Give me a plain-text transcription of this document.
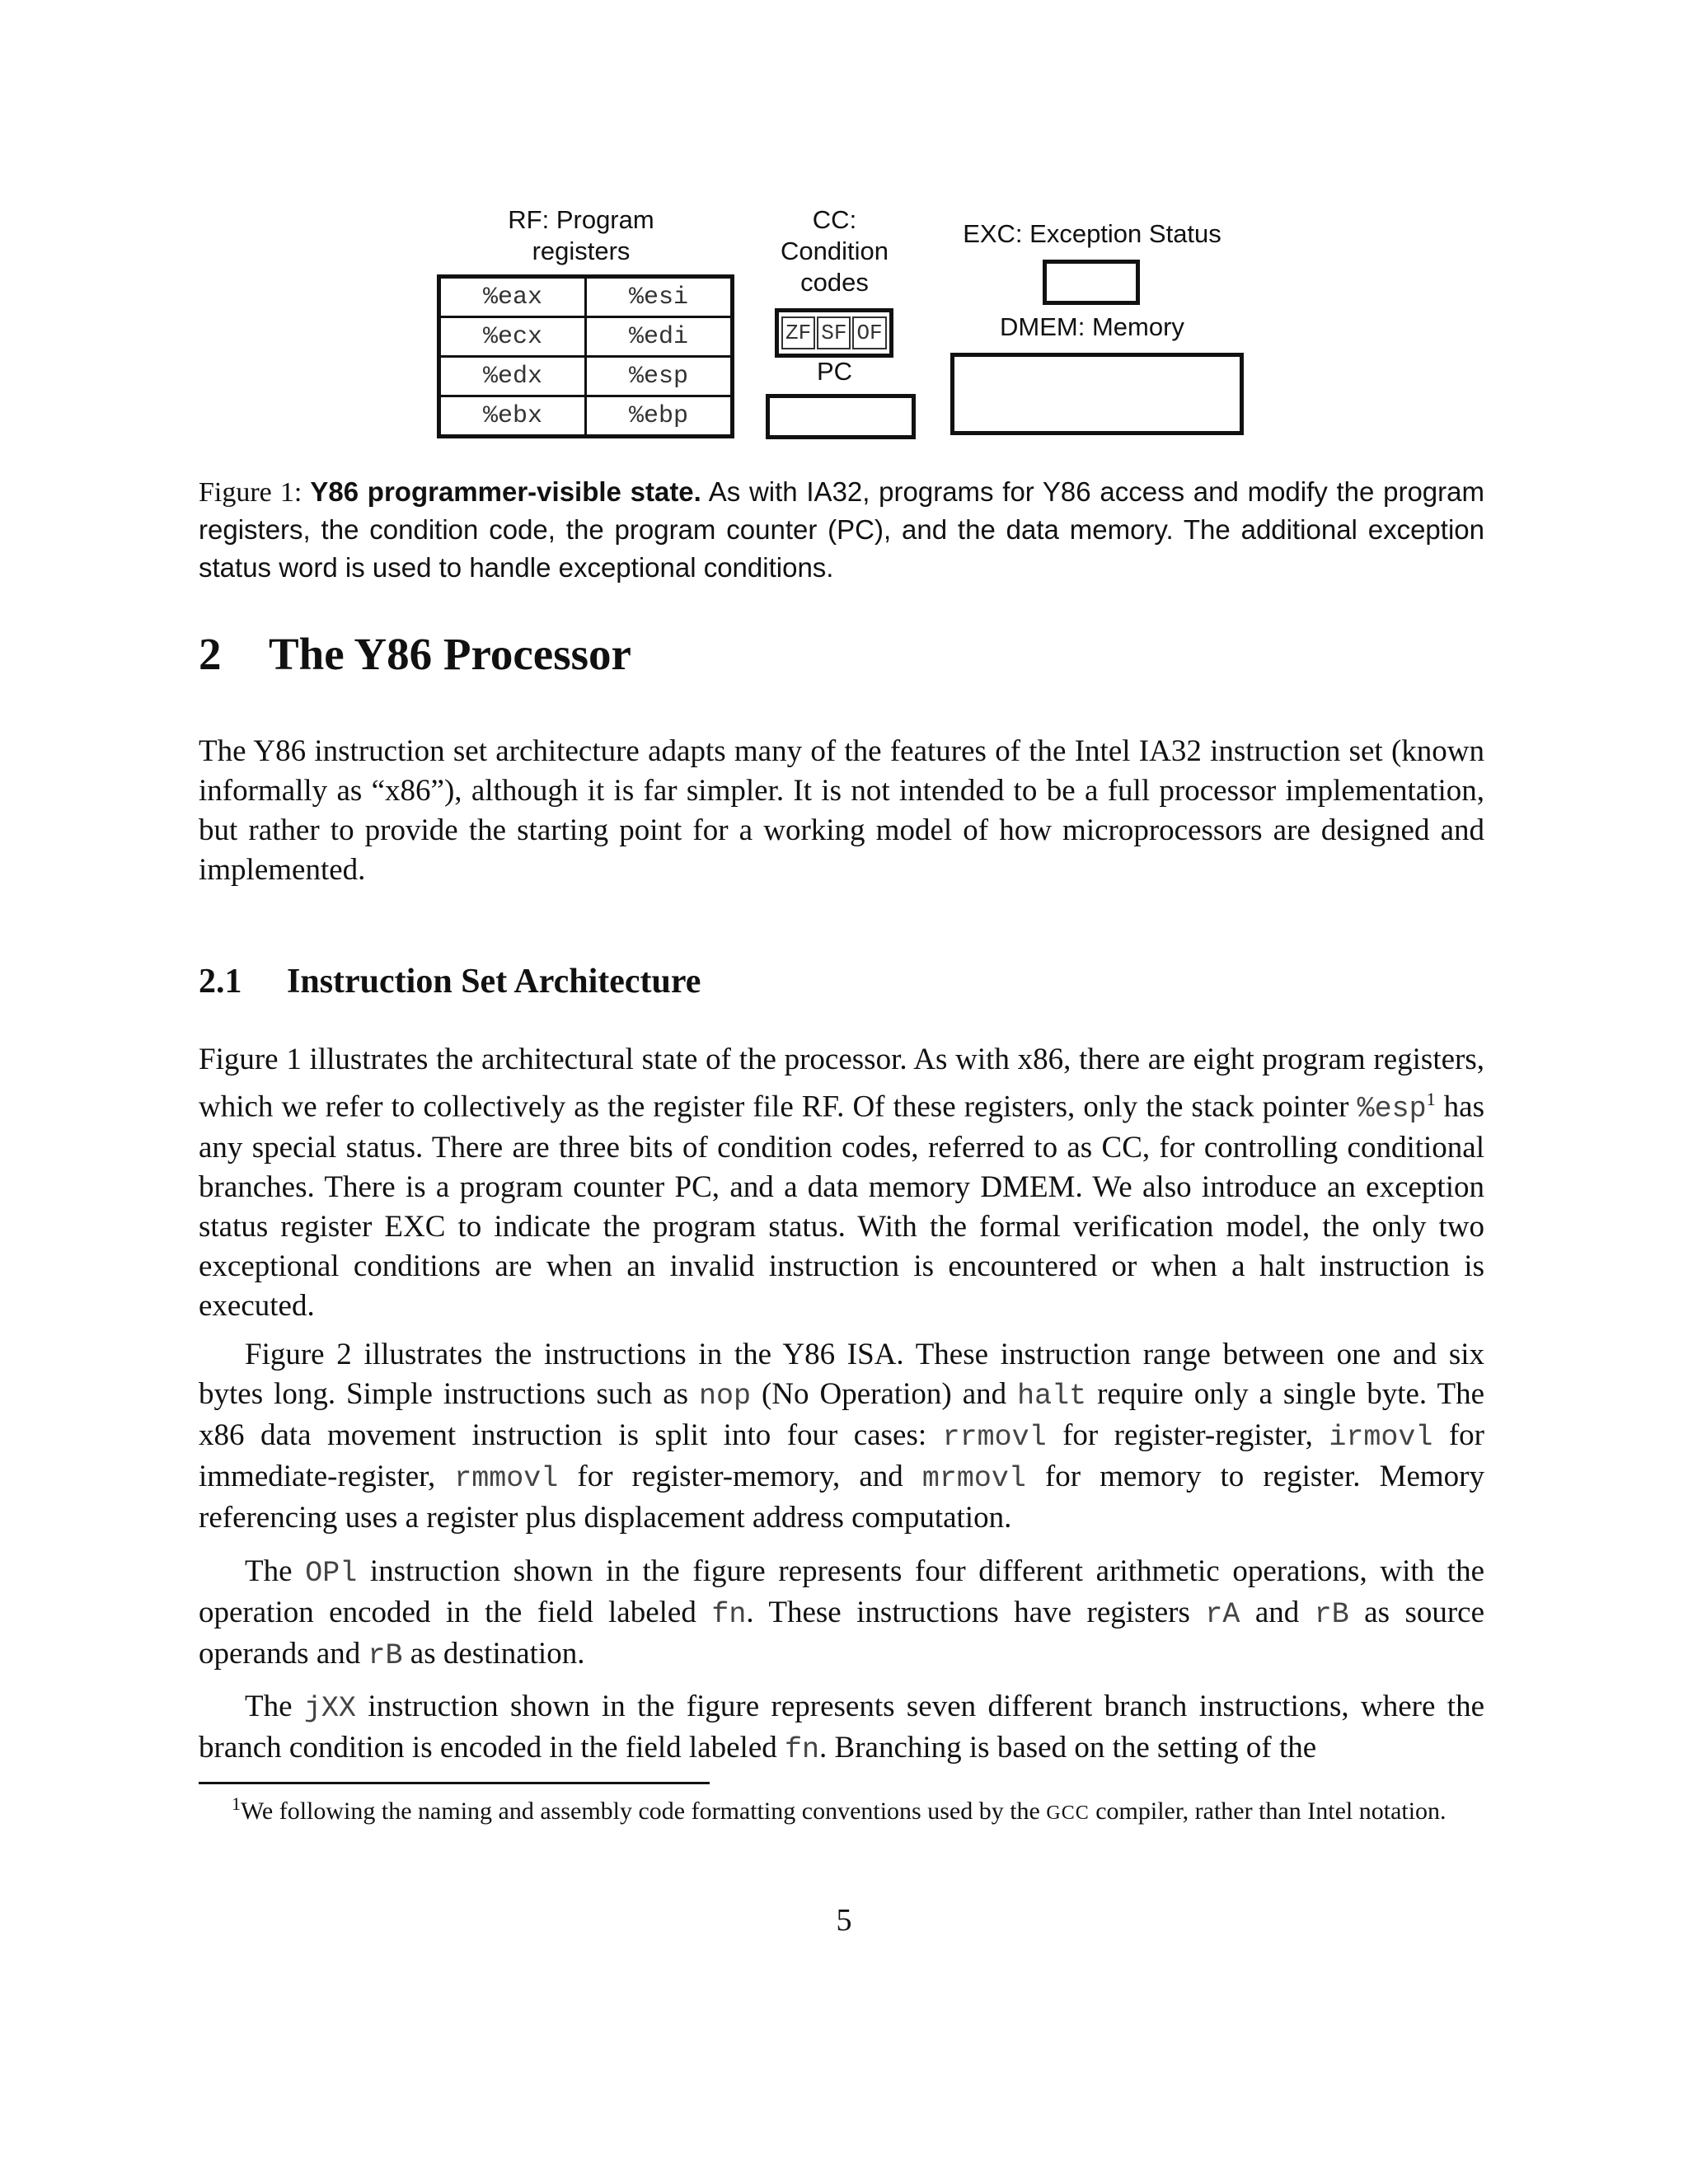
RF: Program
registers
%eax	%esi
%ecx	%edi
%edx	%esp
%ebx	%ebp
CC:
Condition
codes
ZF SF OF
PC
EXC: Exception Status
DMEM: Memory
Figure 1: Y86 programmer-visible state. As with IA32, programs for Y86 access and modify the program registers, the condition code, the program counter (PC), and the data memory. The additional exception status word is used to handle exceptional conditions.
2 The Y86 Processor

The Y86 instruction set architecture adapts many of the features of the Intel IA32 instruction set (known informally as “x86”), although it is far simpler. It is not intended to be a full processor implementation, but rather to provide the starting point for a working model of how microprocessors are designed and implemented.

2.1 Instruction Set Architecture

Figure 1 illustrates the architectural state of the processor. As with x86, there are eight program registers, which we refer to collectively as the register file RF. Of these registers, only the stack pointer %esp$^1$ has any special status. There are three bits of condition codes, referred to as CC, for controlling conditional branches. There is a program counter PC, and a data memory DMEM. We also introduce an exception status register EXC to indicate the program status. With the formal verification model, the only two exceptional conditions are when an invalid instruction is encountered or when a halt instruction is executed.

Figure 2 illustrates the instructions in the Y86 ISA. These instruction range between one and six bytes long. Simple instructions such as nop (No Operation) and halt require only a single byte. The x86 data movement instruction is split into four cases: rrmovl for register-register, irmovl for immediate-register, rmmovl for register-memory, and mrmovl for memory to register. Memory referencing uses a register plus displacement address computation.

The OPl instruction shown in the figure represents four different arithmetic operations, with the operation encoded in the field labeled fn. These instructions have registers rA and rB as source operands and rB as destination.

The jXX instruction shown in the figure represents seven different branch instructions, where the branch condition is encoded in the field labeled fn. Branching is based on the setting of the

$^1$We following the naming and assembly code formatting conventions used by the GCC compiler, rather than Intel notation.
5
